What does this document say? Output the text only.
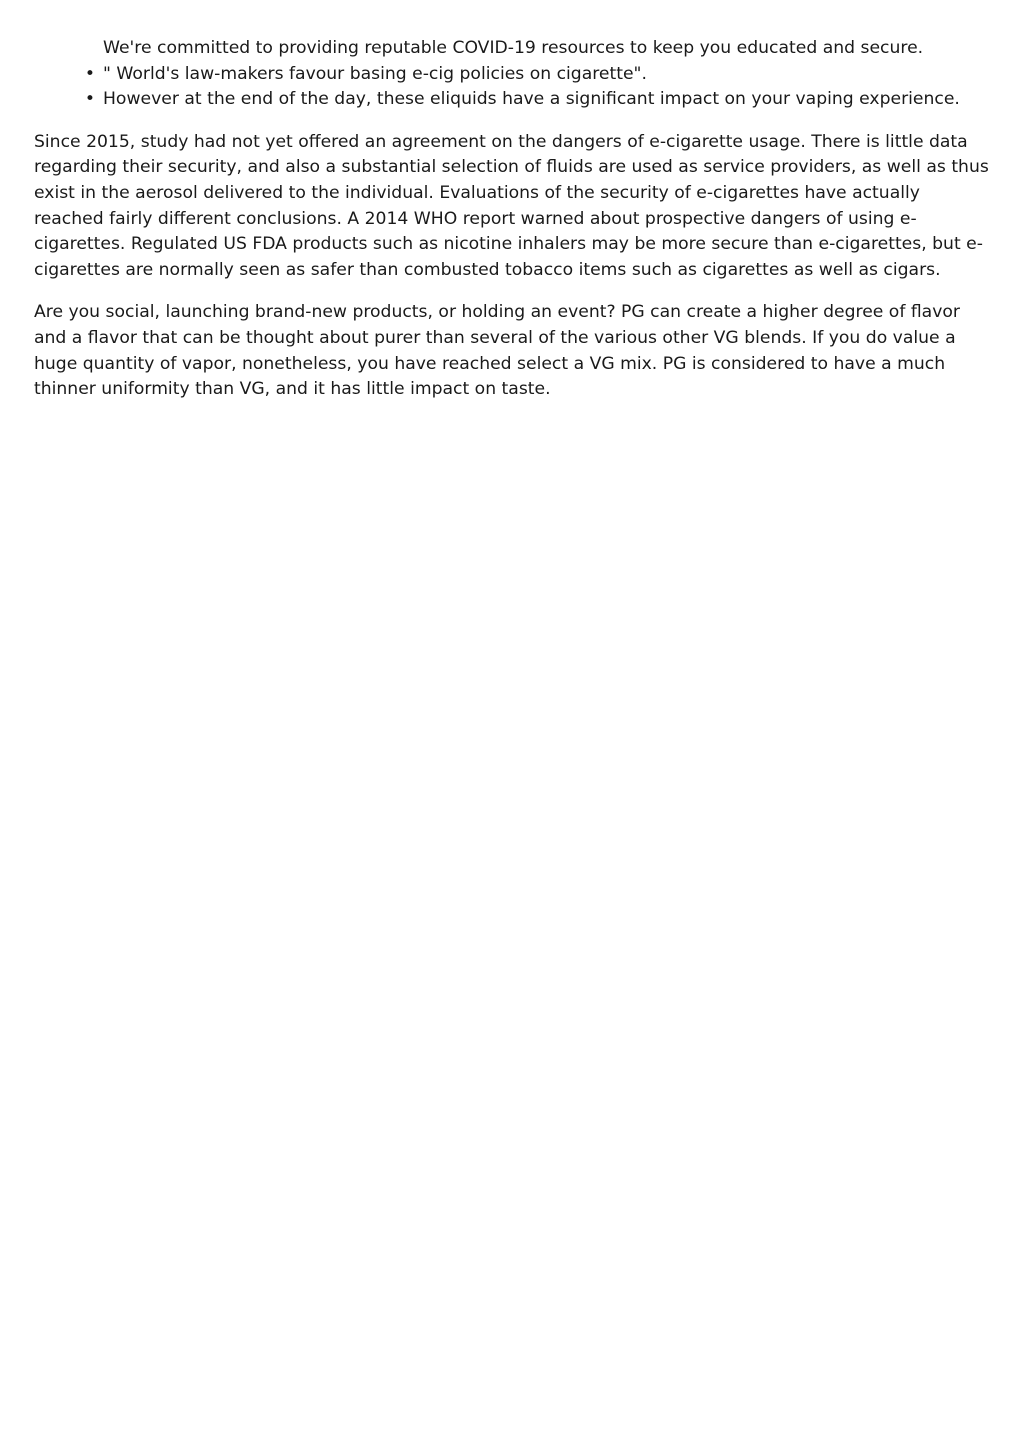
We're committed to providing reputable COVID-19 resources to keep you educated and secure.
• " World's law-makers favour basing e-cig policies on cigarette".
• However at the end of the day, these eliquids have a significant impact on your vaping experience.

Since 2015, study had not yet offered an agreement on the dangers of e-cigarette usage. There is little data regarding their security, and also a substantial selection of fluids are used as service providers, as well as thus exist in the aerosol delivered to the individual. Evaluations of the security of e-cigarettes have actually reached fairly different conclusions. A 2014 WHO report warned about prospective dangers of using e-cigarettes. Regulated US FDA products such as nicotine inhalers may be more secure than e-cigarettes, but e-cigarettes are normally seen as safer than combusted tobacco items such as cigarettes as well as cigars.

Are you social, launching brand-new products, or holding an event? PG can create a higher degree of flavor and a flavor that can be thought about purer than several of the various other VG blends. If you do value a huge quantity of vapor, nonetheless, you have reached select a VG mix. PG is considered to have a much thinner uniformity than VG, and it has little impact on taste.
